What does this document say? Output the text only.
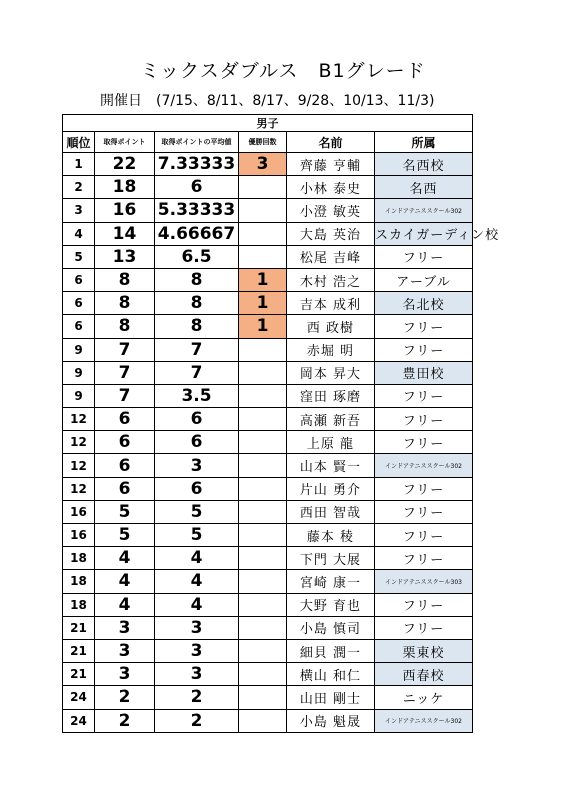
ミックスダブルス　B1グレード
開催日　(7/15、8/11、8/17、9/28、10/13、11/3)
男子					
順位	取得ポイント	取得ポイントの平均値	優勝回数	名前	所属
1	22	7.33333	3	齊藤 亨輔	名西校
2	18	6		小林 泰史	名西
3	16	5.33333		小澄 敏英	インドアテニススクール302
4	14	4.66667		大島 英治	スカイガーディン校
5	13	6.5		松尾 吉峰	フリー
6	8	8	1	木村 浩之	アーブル
6	8	8	1	吉本 成利	名北校
6	8	8	1	西 政樹	フリー
9	7	7		赤堀 明	フリー
9	7	7		岡本 昇大	豊田校
9	7	3.5		窪田 琢磨	フリー
12	6	6		高瀬 新吾	フリー
12	6	6		上原 龍	フリー
12	6	3		山本 賢一	インドアテニススクール302
12	6	6		片山 勇介	フリー
16	5	5		西田 智哉	フリー
16	5	5		藤本 稜	フリー
18	4	4		下門 大展	フリー
18	4	4		宮崎 康一	インドアテニススクール303
18	4	4		大野 育也	フリー
21	3	3		小島 慎司	フリー
21	3	3		細貝 潤一	栗東校
21	3	3		横山 和仁	西春校
24	2	2		山田 剛士	ニッケ
24	2	2		小島 魁晟	インドアテニススクール302
